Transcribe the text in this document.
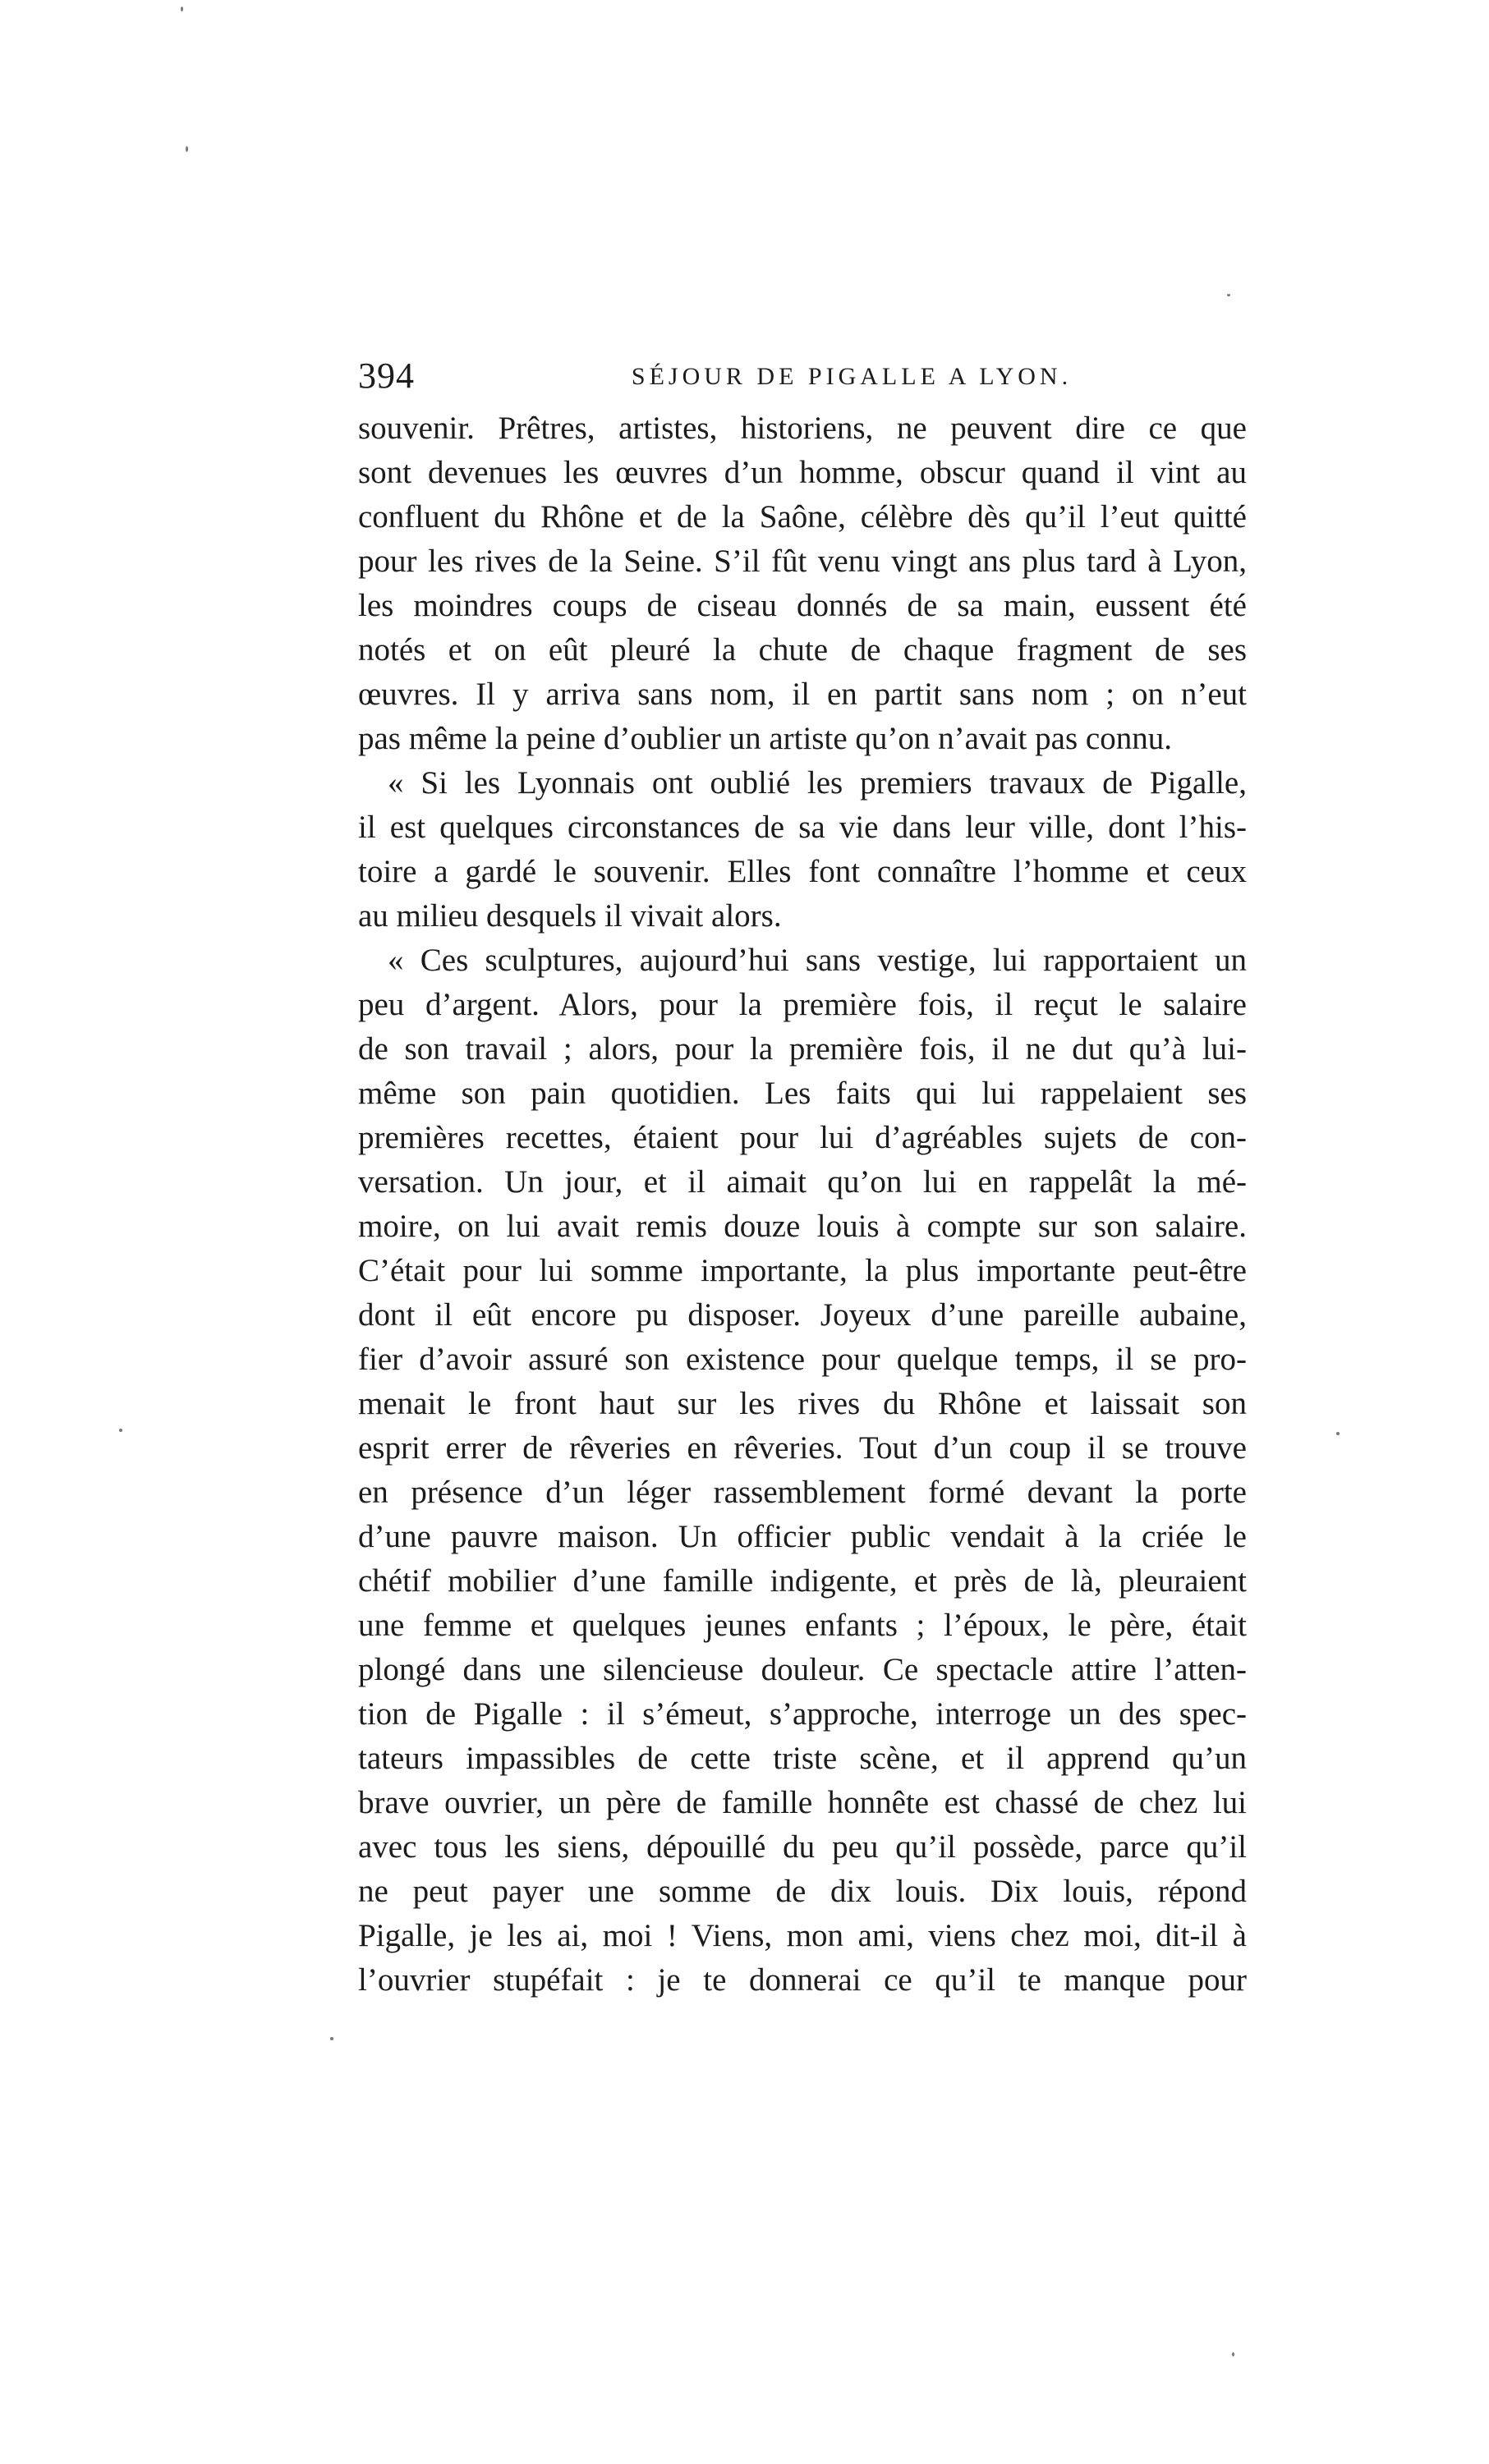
394	SÉJOUR DE PIGALLE A LYON.
souvenir. Prêtres, artistes, historiens, ne peuvent dire ce que
sont devenues les œuvres d’un homme, obscur quand il vint au
confluent du Rhône et de la Saône, célèbre dès qu’il l’eut quitté
pour les rives de la Seine. S’il fût venu vingt ans plus tard à Lyon,
les moindres coups de ciseau donnés de sa main, eussent été
notés et on eût pleuré la chute de chaque fragment de ses
œuvres. Il y arriva sans nom, il en partit sans nom ; on n’eut
pas même la peine d’oublier un artiste qu’on n’avait pas connu.
« Si les Lyonnais ont oublié les premiers travaux de Pigalle,
il est quelques circonstances de sa vie dans leur ville, dont l’his-
toire a gardé le souvenir. Elles font connaître l’homme et ceux
au milieu desquels il vivait alors.
« Ces sculptures, aujourd’hui sans vestige, lui rapportaient un
peu d’argent. Alors, pour la première fois, il reçut le salaire
de son travail ; alors, pour la première fois, il ne dut qu’à lui-
même son pain quotidien. Les faits qui lui rappelaient ses
premières recettes, étaient pour lui d’agréables sujets de con-
versation. Un jour, et il aimait qu’on lui en rappelât la mé-
moire, on lui avait remis douze louis à compte sur son salaire.
C’était pour lui somme importante, la plus importante peut-être
dont il eût encore pu disposer. Joyeux d’une pareille aubaine,
fier d’avoir assuré son existence pour quelque temps, il se pro-
menait le front haut sur les rives du Rhône et laissait son
esprit errer de rêveries en rêveries. Tout d’un coup il se trouve
en présence d’un léger rassemblement formé devant la porte
d’une pauvre maison. Un officier public vendait à la criée le
chétif mobilier d’une famille indigente, et près de là, pleuraient
une femme et quelques jeunes enfants ; l’époux, le père, était
plongé dans une silencieuse douleur. Ce spectacle attire l’atten-
tion de Pigalle : il s’émeut, s’approche, interroge un des spec-
tateurs impassibles de cette triste scène, et il apprend qu’un
brave ouvrier, un père de famille honnête est chassé de chez lui
avec tous les siens, dépouillé du peu qu’il possède, parce qu’il
ne peut payer une somme de dix louis. Dix louis, répond
Pigalle, je les ai, moi ! Viens, mon ami, viens chez moi, dit-il à
l’ouvrier stupéfait : je te donnerai ce qu’il te manque pour
